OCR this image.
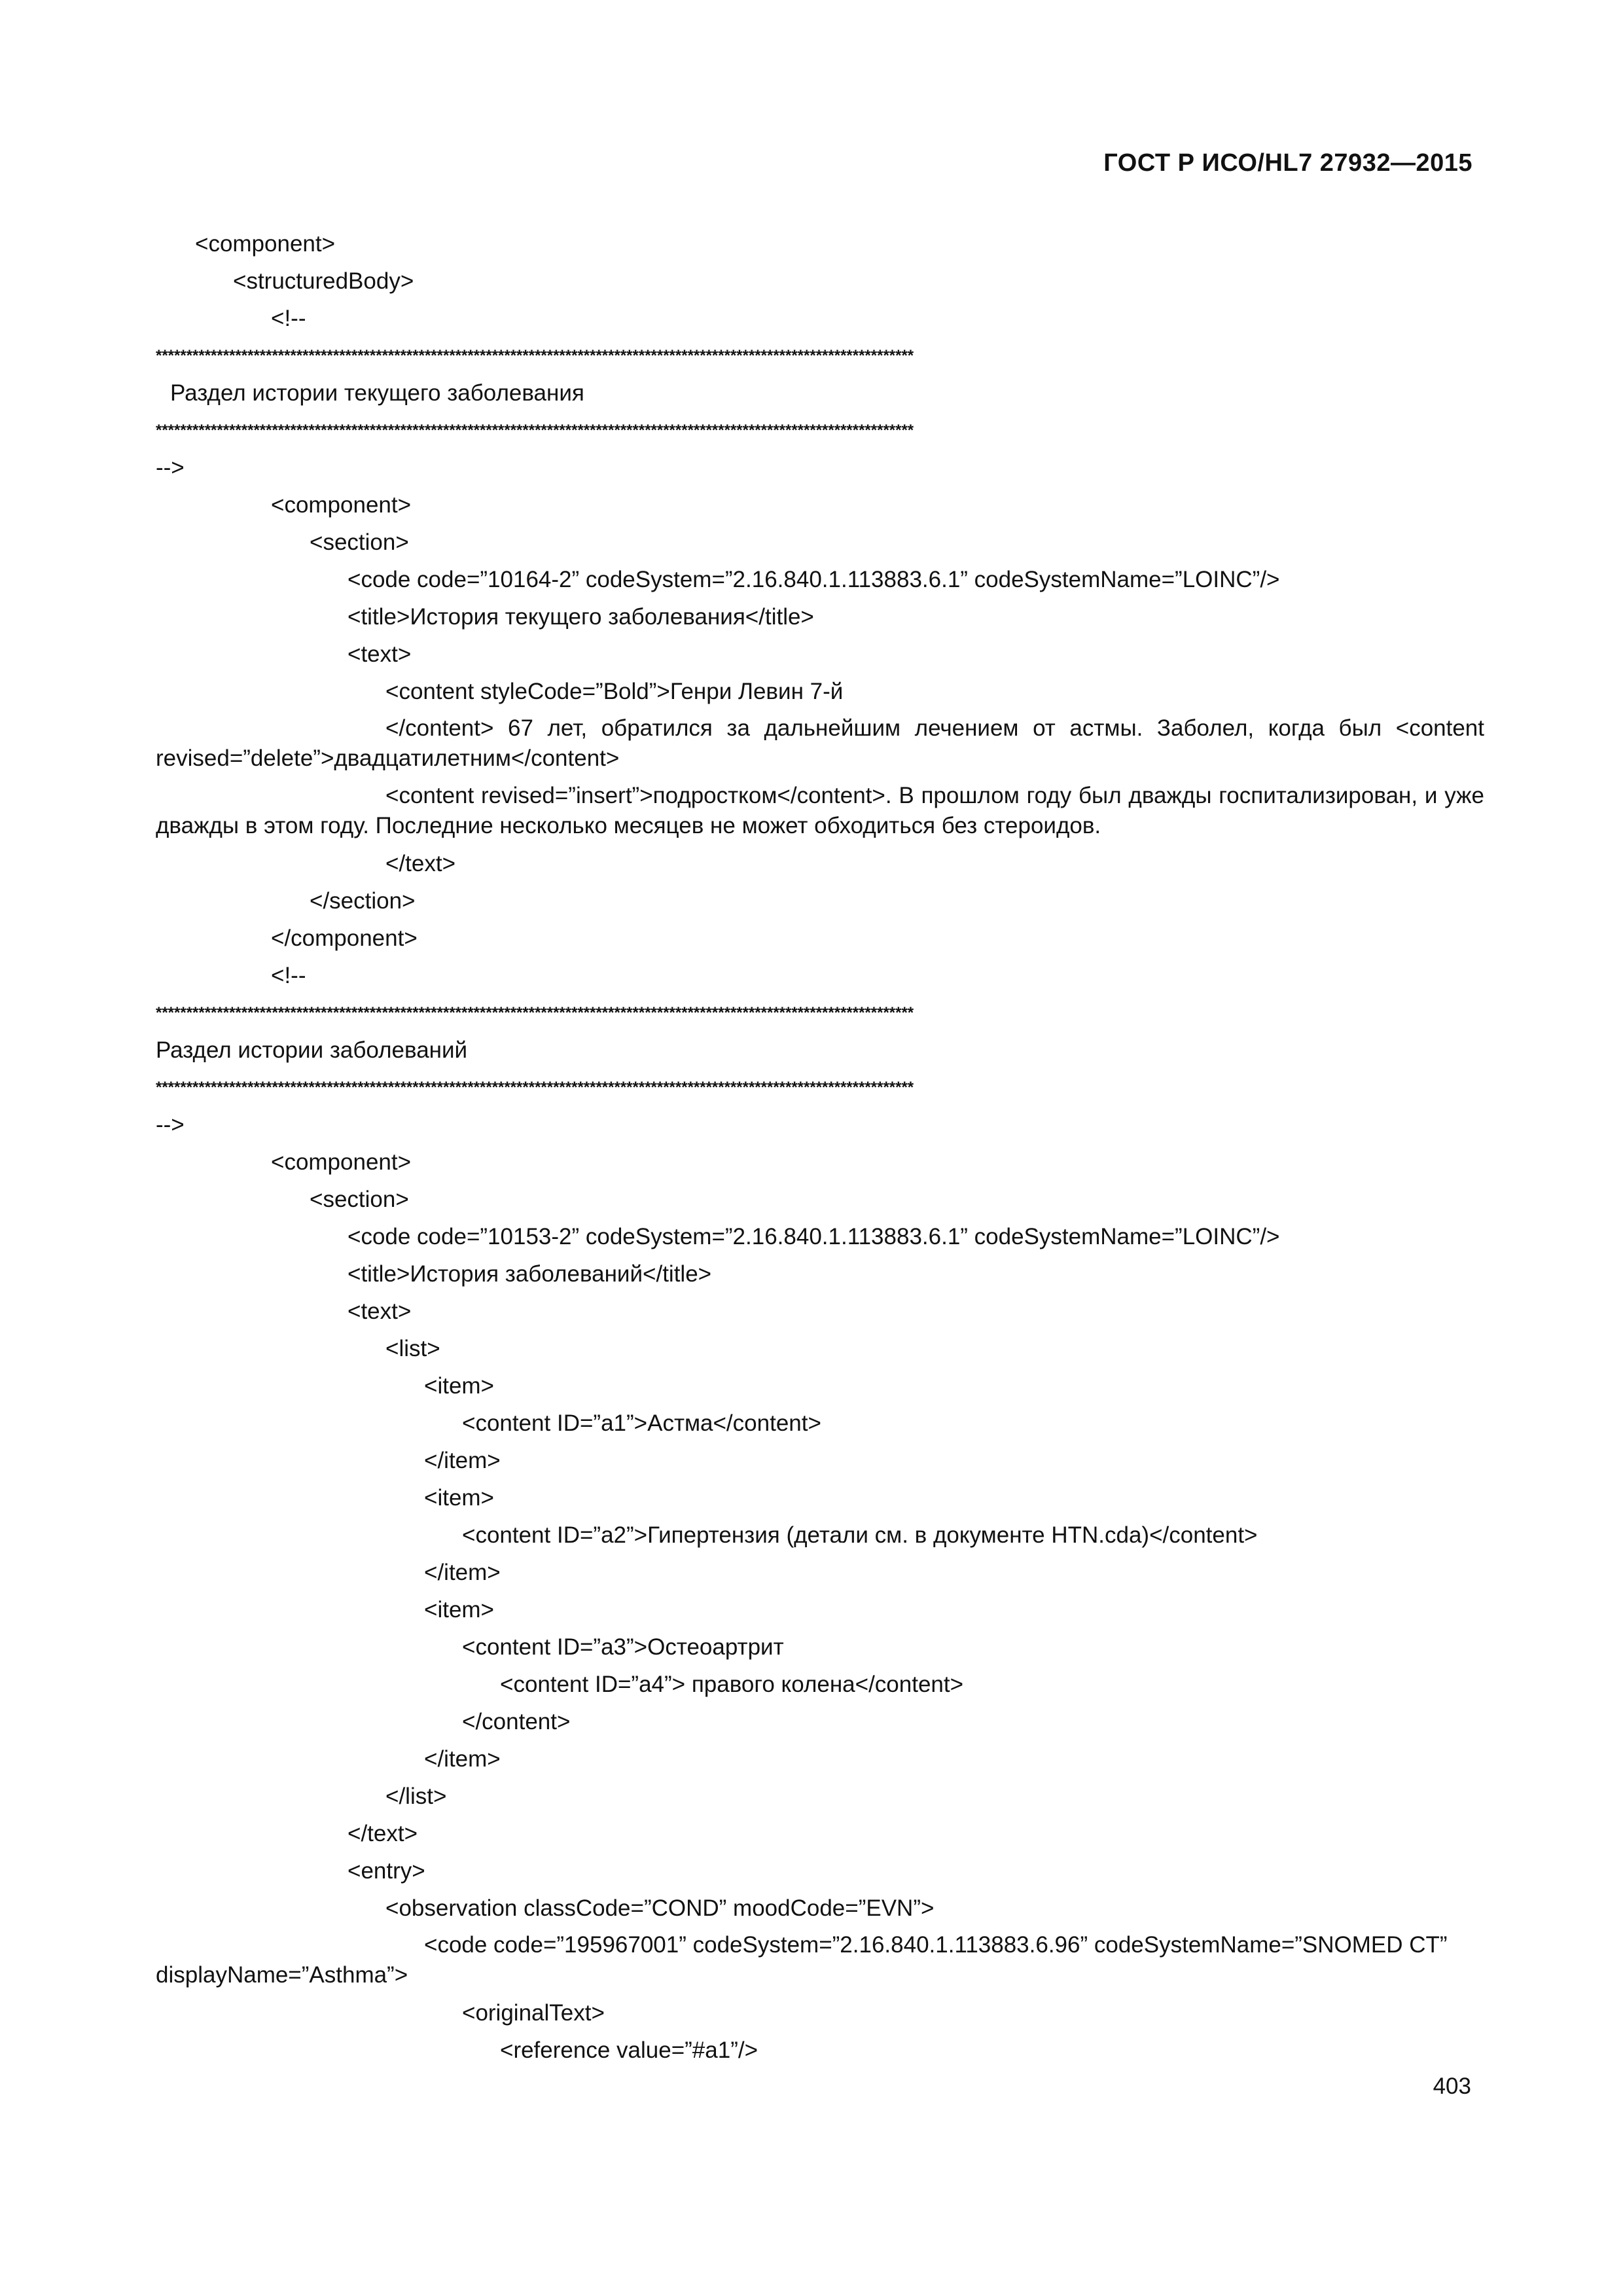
ГОСТ Р ИСО/HL7 27932—2015
<component>
<structuredBody>
<!--
****************************************************************************************************************************
Раздел истории текущего заболевания
****************************************************************************************************************************
-->
<component>
<section>
<code code=”10164-2” codeSystem=”2.16.840.1.113883.6.1” codeSystemName=”LOINC”/>
<title>История текущего заболевания</title>
<text>
<content styleCode=”Bold”>Генри Левин 7-й
</content> 67 лет, обратился за дальнейшим лечением от астмы. Заболел, когда был <content revised=”delete”>двадцатилетним</content>
<content revised=”insert”>подростком</content>. В прошлом году был дважды госпитализирован, и уже дважды в этом году. Последние несколько месяцев не может обходиться без стероидов.
</text>
</section>
</component>
<!--
****************************************************************************************************************************
Раздел истории заболеваний
****************************************************************************************************************************
-->
<component>
<section>
<code code=”10153-2” codeSystem=”2.16.840.1.113883.6.1” codeSystemName=”LOINC”/>
<title>История заболеваний</title>
<text>
<list>
<item>
<content ID=”a1”>Астма</content>
</item>
<item>
<content ID=”a2”>Гипертензия (детали см. в документе HTN.cda)</content>
</item>
<item>
<content ID=”a3”>Остеоартрит
<content ID=”a4”> правого колена</content>
</content>
</item>
</list>
</text>
<entry>
<observation classCode=”COND” moodCode=”EVN”>
<code code=”195967001” codeSystem=”2.16.840.1.113883.6.96” codeSystemName=”SNOMED CT” displayName=”Asthma”>
<originalText>
<reference value=”#a1”/>
403
